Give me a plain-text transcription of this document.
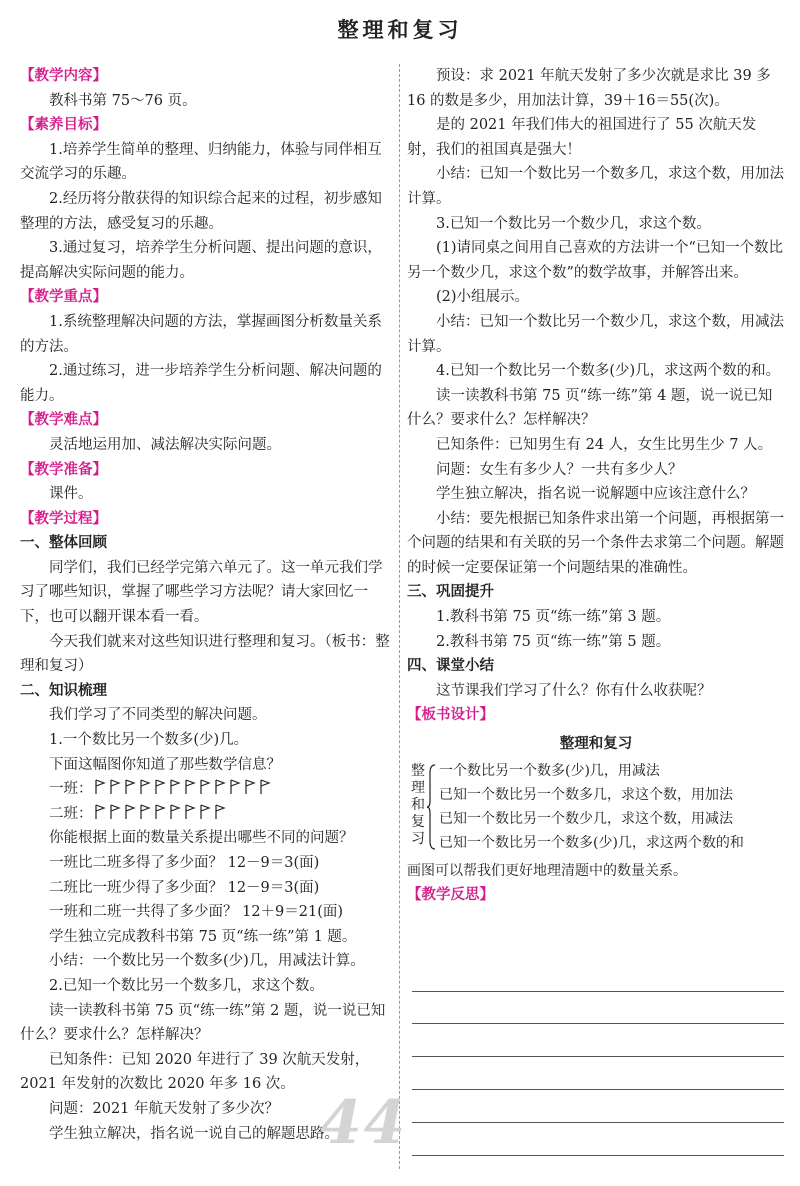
整理和复习

【教学内容】

教科书第 75～76 页。

【素养目标】

1.培养学生简单的整理、归纳能力，体验与同伴相互交流学习的乐趣。

2.经历将分散获得的知识综合起来的过程，初步感知整理的方法，感受复习的乐趣。

3.通过复习，培养学生分析问题、提出问题的意识，提高解决实际问题的能力。

【教学重点】

1.系统整理解决问题的方法，掌握画图分析数量关系的方法。

2.通过练习，进一步培养学生分析问题、解决问题的能力。

【教学难点】

灵活地运用加、减法解决实际问题。

【教学准备】

课件。

【教学过程】

一、整体回顾

同学们，我们已经学完第六单元了。这一单元我们学习了哪些知识，掌握了哪些学习方法呢？请大家回忆一下，也可以翻开课本看一看。

今天我们就来对这些知识进行整理和复习。（板书：整理和复习）

二、知识梳理

我们学习了不同类型的解决问题。

1.一个数比另一个数多(少)几。

下面这幅图你知道了那些数学信息？

一班：

二班：

你能根据上面的数量关系提出哪些不同的问题？

一班比二班多得了多少面？ 12－9＝3(面)

二班比一班少得了多少面？ 12－9＝3(面)

一班和二班一共得了多少面？ 12＋9＝21(面)

学生独立完成教科书第 75 页“练一练”第 1 题。

小结：一个数比另一个数多(少)几，用减法计算。

2.已知一个数比另一个数多几，求这个数。

读一读教科书第 75 页“练一练”第 2 题，说一说已知什么？要求什么？怎样解决？

已知条件：已知 2020 年进行了 39 次航天发射，2021 年发射的次数比 2020 年多 16 次。

问题：2021 年航天发射了多少次？

学生独立解决，指名说一说自己的解题思路。

预设：求 2021 年航天发射了多少次就是求比 39 多 16 的数是多少，用加法计算，39＋16＝55(次)。

是的 2021 年我们伟大的祖国进行了 55 次航天发射，我们的祖国真是强大！

小结：已知一个数比另一个数多几，求这个数，用加法计算。

3.已知一个数比另一个数少几，求这个数。

(1)请同桌之间用自己喜欢的方法讲一个“已知一个数比另一个数少几，求这个数”的数学故事，并解答出来。

(2)小组展示。

小结：已知一个数比另一个数少几，求这个数，用减法计算。

4.已知一个数比另一个数多(少)几，求这两个数的和。

读一读教科书第 75 页“练一练”第 4 题，说一说已知什么？要求什么？怎样解决？

已知条件：已知男生有 24 人，女生比男生少 7 人。

问题：女生有多少人？一共有多少人？

学生独立解决，指名说一说解题中应该注意什么？

小结：要先根据已知条件求出第一个问题，再根据第一个问题的结果和有关联的另一个条件去求第二个问题。解题的时候一定要保证第一个问题结果的准确性。

三、巩固提升

1.教科书第 75 页“练一练”第 3 题。

2.教科书第 75 页“练一练”第 5 题。

四、课堂小结

这节课我们学习了什么？你有什么收获呢？

【板书设计】

整理和复习

整
理
和
复
习
一个数比另一个数多(少)几，用减法
已知一个数比另一个数多几，求这个数，用加法
已知一个数比另一个数少几，求这个数，用减法
已知一个数比另一个数多(少)几，求这两个数的和

画图可以帮我们更好地理清题中的数量关系。

【教学反思】

44
